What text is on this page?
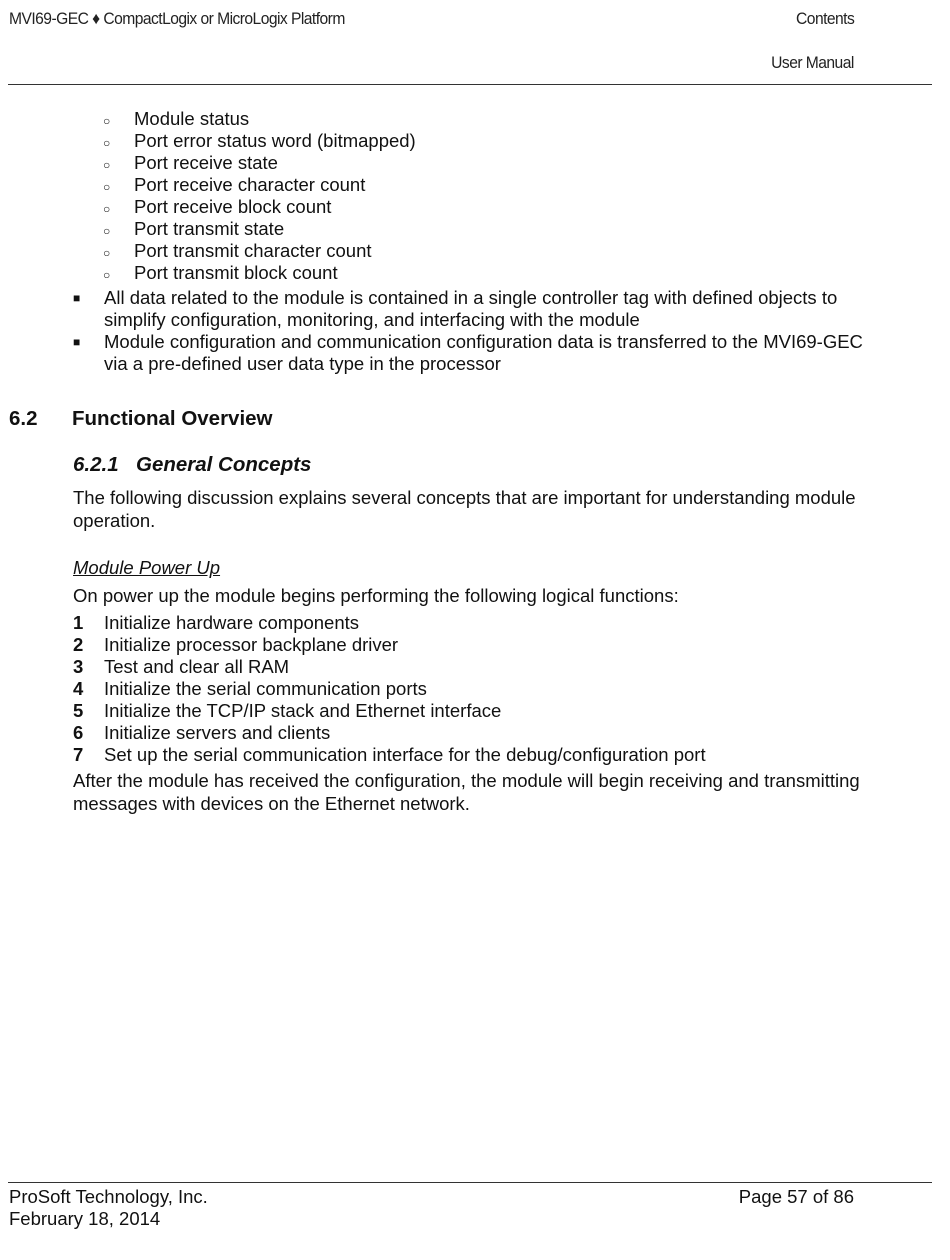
MVI69-GEC ♦ CompactLogix or MicroLogix Platform	Contents
User Manual
○	Module status
○	Port error status word (bitmapped)
○	Port receive state
○	Port receive character count
○	Port receive block count
○	Port transmit state
○	Port transmit character count
○	Port transmit block count
■ All data related to the module is contained in a single controller tag with defined objects to simplify configuration, monitoring, and interfacing with the module
■ Module configuration and communication configuration data is transferred to the MVI69-GEC via a pre-defined user data type in the processor
6.2 Functional Overview
6.2.1 General Concepts
The following discussion explains several concepts that are important for understanding module operation.
Module Power Up
On power up the module begins performing the following logical functions:
1 Initialize hardware components
2 Initialize processor backplane driver
3 Test and clear all RAM
4 Initialize the serial communication ports
5 Initialize the TCP/IP stack and Ethernet interface
6 Initialize servers and clients
7 Set up the serial communication interface for the debug/configuration port
After the module has received the configuration, the module will begin receiving and transmitting messages with devices on the Ethernet network.
ProSoft Technology, Inc.
February 18, 2014
Page 57 of 86
